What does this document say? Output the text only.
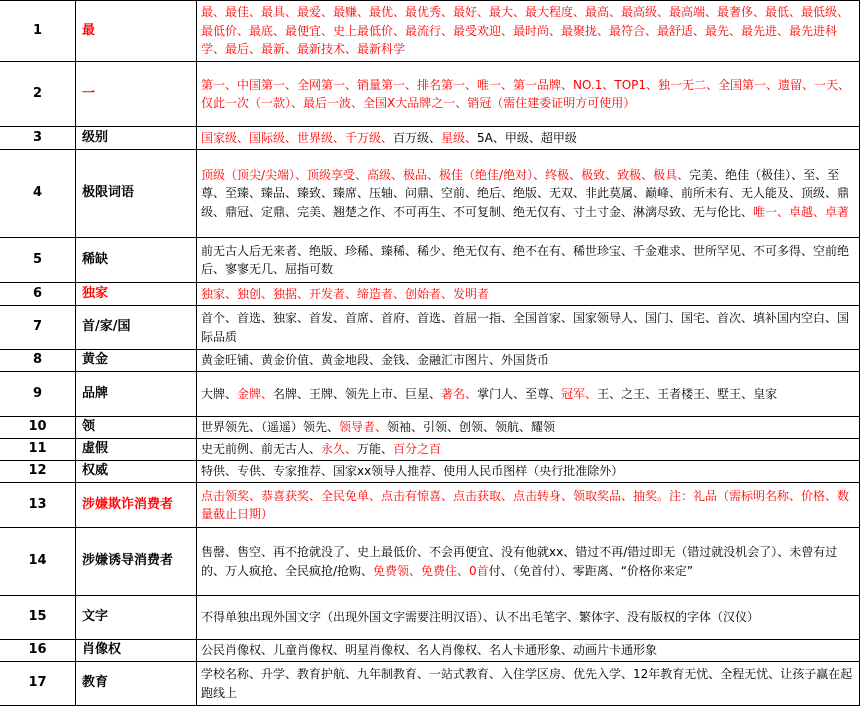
1	最	最、最佳、最具、最爱、最赚、最优、最优秀、最好、最大、最大程度、最高、最高级、最高端、最奢侈、最低、最低级、最低价、最底、最便宜、史上最低价、最流行、最受欢迎、最时尚、最聚拢、最符合、最舒适、最先、最先进、最先进科学、最后、最新、最新技术、最新科学
2	一	第一、中国第一、全网第一、销量第一、排名第一、唯一、第一品牌、NO.1、TOP1、独一无二、全国第一、遗留、一天、仅此一次（一款）、最后一波、全国X大品牌之一、销冠（需住建委证明方可使用）
3	级别	国家级、国际级、世界级、千万级、百万级、星级、5A、甲级、超甲级
4	极限词语	顶级（顶尖/尖端）、顶级享受、高级、极品、极佳（绝佳/绝对）、终极、极致、致极、极具、完美、绝佳（极佳）、至、至尊、至臻、臻品、臻致、臻席、压轴、问鼎、空前、绝后、绝版、无双、非此莫属、巅峰、前所未有、无人能及、顶级、鼎级、鼎冠、定鼎、完美、翘楚之作、不可再生、不可复制、绝无仅有、寸土寸金、淋漓尽致、无与伦比、唯一、卓越、卓著
5	稀缺	前无古人后无来者、绝版、珍稀、臻稀、稀少、绝无仅有、绝不在有、稀世珍宝、千金难求、世所罕见、不可多得、空前绝后、寥寥无几、屈指可数
6	独家	独家、独创、独据、开发者、缔造者、创始者、发明者
7	首/家/国	首个、首选、独家、首发、首席、首府、首选、首屈一指、全国首家、国家领导人、国门、国宅、首次、填补国内空白、国际品质
8	黄金	黄金旺铺、黄金价值、黄金地段、金钱、金融汇市图片、外国货币
9	品牌	大牌、金牌、名牌、王牌、领先上市、巨星、著名、掌门人、至尊、冠军、王、之王、王者楼王、墅王、皇家
10	领	世界领先、（遥遥）领先、领导者、领袖、引领、创领、领航、耀领
11	虚假	史无前例、前无古人、永久、万能、百分之百
12	权威	特供、专供、专家推荐、国家xx领导人推荐、使用人民币图样（央行批准除外）
13	涉嫌欺诈消费者	点击领奖、恭喜获奖、全民免单、点击有惊喜、点击获取、点击转身、领取奖品、抽奖。注：礼品（需标明名称、价格、数量截止日期）
14	涉嫌诱导消费者	售罄、售空、再不抢就没了、史上最低价、不会再便宜、没有他就xx、错过不再/错过即无（错过就没机会了）、未曾有过的、万人疯抢、全民疯抢/抢购、免费领、免费住、0首付、（免首付）、零距离、“价格你来定”
15	文字	不得单独出现外国文字（出现外国文字需要注明汉语）、认不出毛笔字、繁体字、没有版权的字体（汉仪）
16	肖像权	公民肖像权、儿童肖像权、明星肖像权、名人肖像权、名人卡通形象、动画片卡通形象
17	教育	学校名称、升学、教育护航、九年制教育、一站式教育、入住学区房、优先入学、12年教育无忧、全程无忧、让孩子赢在起跑线上
